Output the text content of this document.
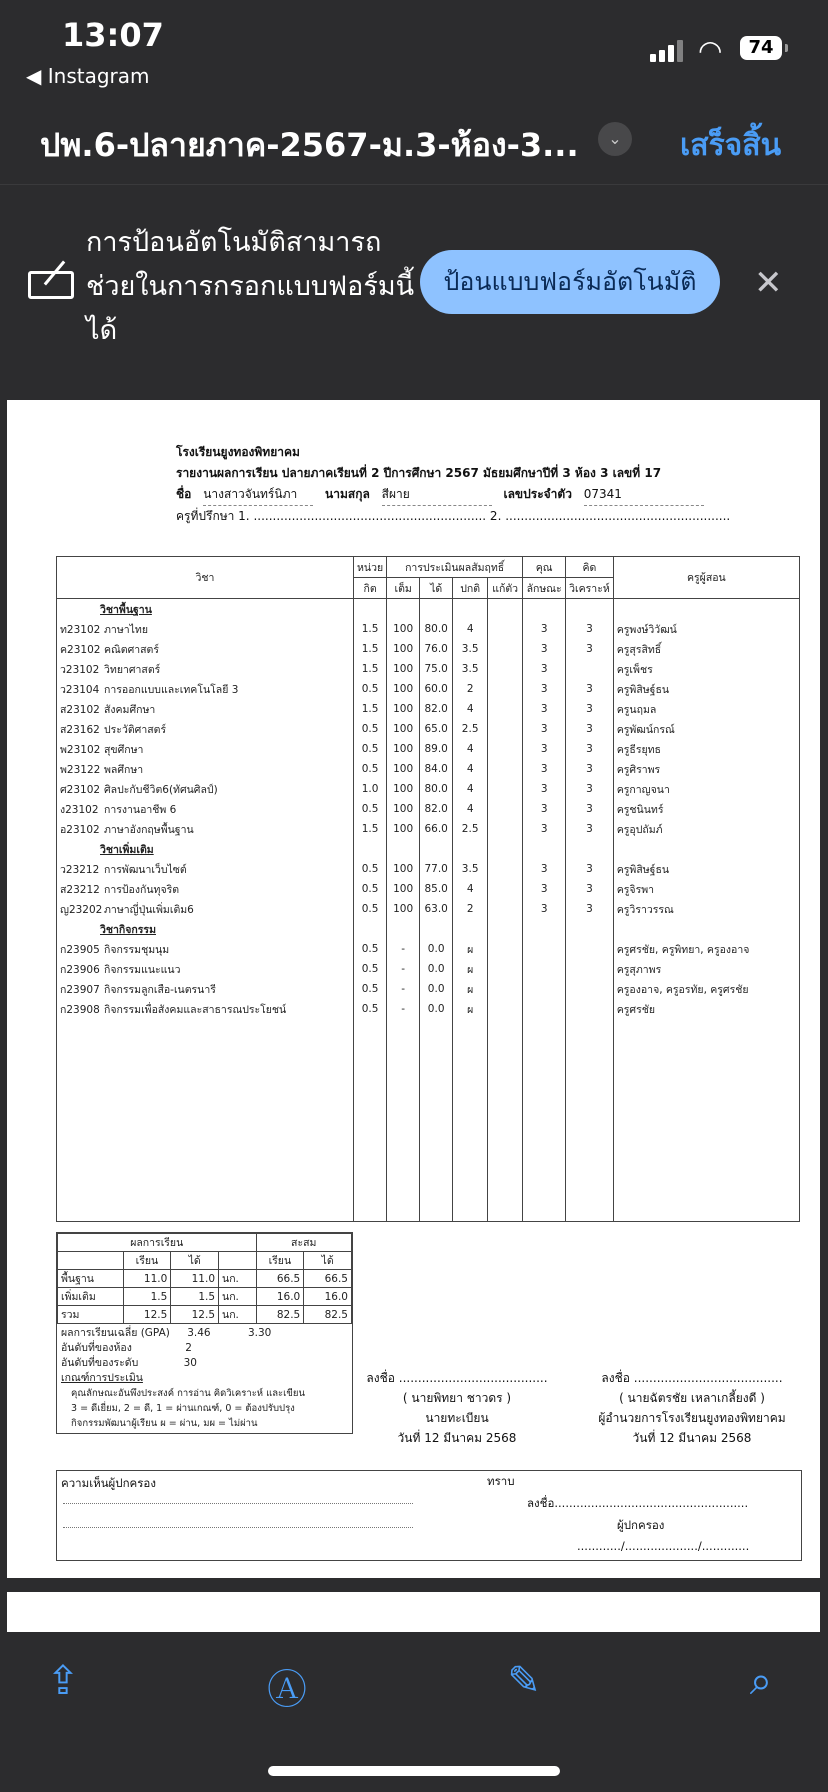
13:07
◀ Instagram
◠	74
ปพ.6-ปลายภาค-2567-ม.3-ห้อง-3...	⌄	เสร็จสิ้น
การป้อนอัตโนมัติสามารถช่วยในการกรอกแบบฟอร์มนี้ได้
ป้อนแบบฟอร์มอัตโนมัติ	✕
โรงเรียนยูงทองพิทยาคม
รายงานผลการเรียน ปลายภาคเรียนที่ 2 ปีการศึกษา 2567 มัธยมศึกษาปีที่ 3 ห้อง 3 เลขที่ 17
ชื่อ นางสาวจันทร์นิภา นามสกุล สีผาย	เลขประจำตัว 07341
ครูที่ปรึกษา 1. ............................................................. 2. ...........................................................
วิชา	หน่วย	การประเมินผลสัมฤทธิ์				คุณ	คิด	ครูผู้สอน
	กิต	เต็ม	ได้	ปกติ	แก้ตัว	ลักษณะ	วิเคราะห์	
วิชาพื้นฐาน								
ท23102 ภาษาไทย	1.5	100	80.0	4		3	3	ครูพงษ์วิวัฒน์
ค23102 คณิตศาสตร์	1.5	100	76.0	3.5		3	3	ครูสุรสิทธิ์
ว23102 วิทยาศาสตร์	1.5	100	75.0	3.5		3		ครูเพ็ชร
ว23104 การออกแบบและเทคโนโลยี 3	0.5	100	60.0	2		3	3	ครูพิสิษฐ์ธน
ส23102 สังคมศึกษา	1.5	100	82.0	4		3	3	ครูนฤมล
ส23162 ประวัติศาสตร์	0.5	100	65.0	2.5		3	3	ครูพัฒน์กรณ์
พ23102 สุขศึกษา	0.5	100	89.0	4		3	3	ครูธีรยุทธ
พ23122 พลศึกษา	0.5	100	84.0	4		3	3	ครูศิราพร
ศ23102 ศิลปะกับชีวิต6(ทัศนศิลป์)	1.0	100	80.0	4		3	3	ครูกาญจนา
ง23102 การงานอาชีพ 6	0.5	100	82.0	4		3	3	ครูชนินทร์
อ23102 ภาษาอังกฤษพื้นฐาน	1.5	100	66.0	2.5		3	3	ครูอุปถัมภ์
วิชาเพิ่มเติม								
ว23212 การพัฒนาเว็บไซต์	0.5	100	77.0	3.5		3	3	ครูพิสิษฐ์ธน
ส23212 การป้องกันทุจริต	0.5	100	85.0	4		3	3	ครูจิรพา
ญ23202 ภาษาญี่ปุ่นเพิ่มเติม6	0.5	100	63.0	2		3	3	ครูวิราวรรณ
วิชากิจกรรม								
ก23905 กิจกรรมชุมนุม	0.5	-	0.0	ผ				ครูศรชัย, ครูพิทยา, ครูองอาจ
ก23906 กิจกรรมแนะแนว	0.5	-	0.0	ผ				ครูสุภาพร
ก23907 กิจกรรมลูกเสือ-เนตรนารี	0.5	-	0.0	ผ				ครูองอาจ, ครูอรทัย, ครูศรชัย
ก23908 กิจกรรมเพื่อสังคมและสาธารณประโยชน์	0.5	-	0.0	ผ				ครูศรชัย

ผลการเรียน				สะสม	
	เรียน	ได้		เรียน	ได้
พื้นฐาน	11.0	11.0	นก.	66.5	66.5
เพิ่มเติม	1.5	1.5	นก.	16.0	16.0
รวม	12.5	12.5	นก.	82.5	82.5
ผลการเรียนเฉลี่ย (GPA) 3.46	3.30
อันดับที่ของห้อง	2
อันดับที่ของระดับ	30
เกณฑ์การประเมิน
คุณลักษณะอันพึงประสงค์ การอ่าน คิดวิเคราะห์ และเขียน
3 = ดีเยี่ยม, 2 = ดี, 1 = ผ่านเกณฑ์, 0 = ต้องปรับปรุง
กิจกรรมพัฒนาผู้เรียน ผ = ผ่าน, มผ = ไม่ผ่าน
ลงชื่อ .......................................
( นายพิทยา ชาวดร )
นายทะเบียน
วันที่ 12 มีนาคม 2568
ลงชื่อ .......................................
( นายฉัตรชัย เหลาเกลี้ยงดี )
ผู้อำนวยการโรงเรียนยูงทองพิทยาคม
วันที่ 12 มีนาคม 2568
ความเห็นผู้ปกครอง	ทราบ
ลงชื่อ.....................................................
ผู้ปกครอง
............/..................../.............
⇪	Ⓐ	✎	⌕
